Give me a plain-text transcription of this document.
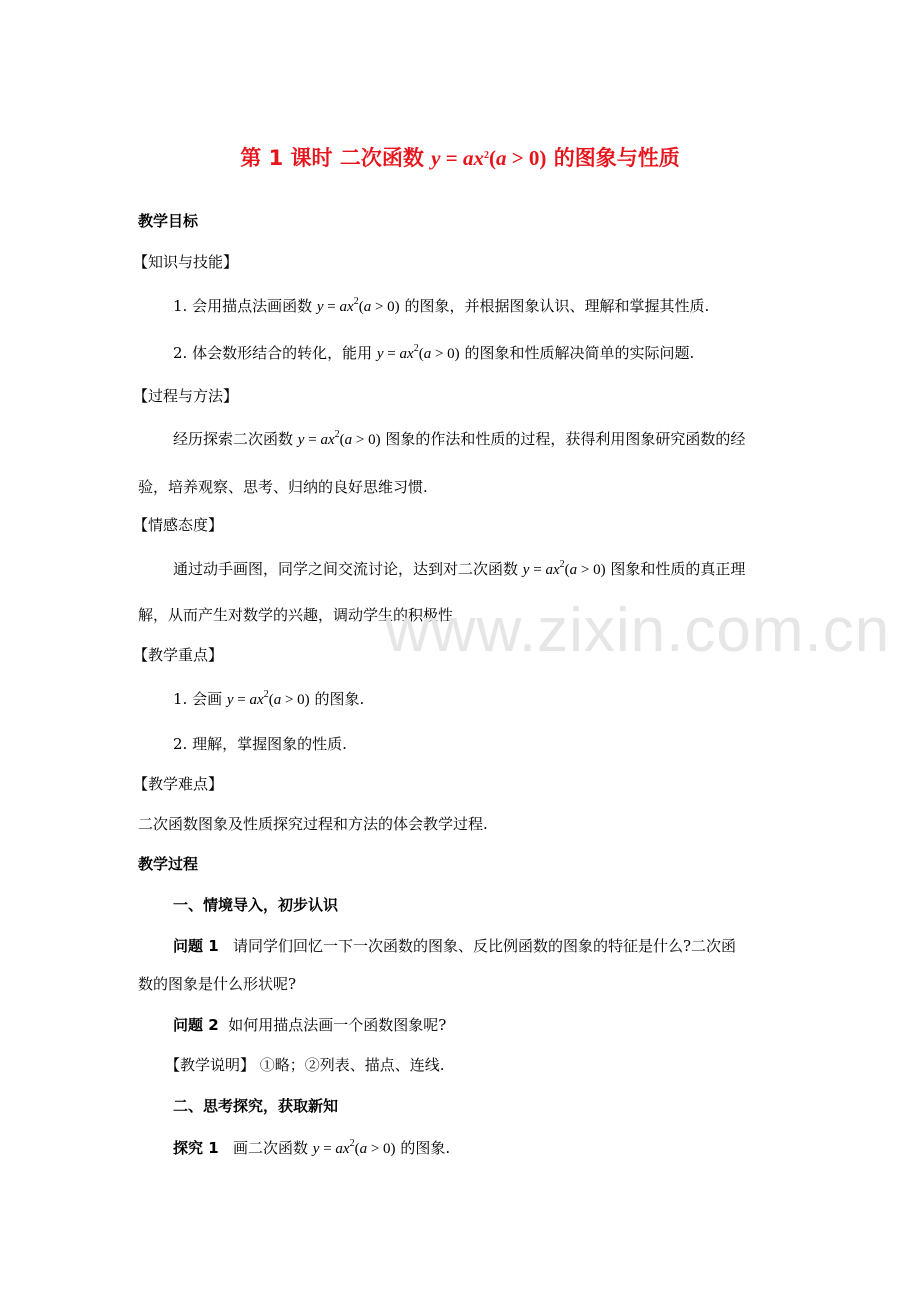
第 1 课时 二次函数 $y = ax^2(a > 0)$ 的图象与性质
教学目标
【知识与技能】
1. 会用描点法画函数 $y = ax^2(a > 0)$ 的图象，并根据图象认识、理解和掌握其性质.
2. 体会数形结合的转化，能用 $y = ax^2(a > 0)$ 的图象和性质解决简单的实际问题.
【过程与方法】
经历探索二次函数 $y = ax^2(a > 0)$ 图象的作法和性质的过程，获得利用图象研究函数的经
验，培养观察、思考、归纳的良好思维习惯.
【情感态度】
通过动手画图，同学之间交流讨论，达到对二次函数 $y = ax^2(a > 0)$ 图象和性质的真正理
解，从而产生对数学的兴趣，调动学生的积极性.
www.zixin.com.cn
【教学重点】
1. 会画 $y = ax^2(a > 0)$ 的图象.
2. 理解，掌握图象的性质.
【教学难点】
二次函数图象及性质探究过程和方法的体会教学过程.
教学过程
一、情境导入，初步认识
问题 1 请同学们回忆一下一次函数的图象、反比例函数的图象的特征是什么?二次函
数的图象是什么形状呢?
问题 2 如何用描点法画一个函数图象呢?
【教学说明】 ①略；②列表、描点、连线.
二、思考探究，获取新知
探究 1 画二次函数 $y = ax^2(a > 0)$ 的图象.
